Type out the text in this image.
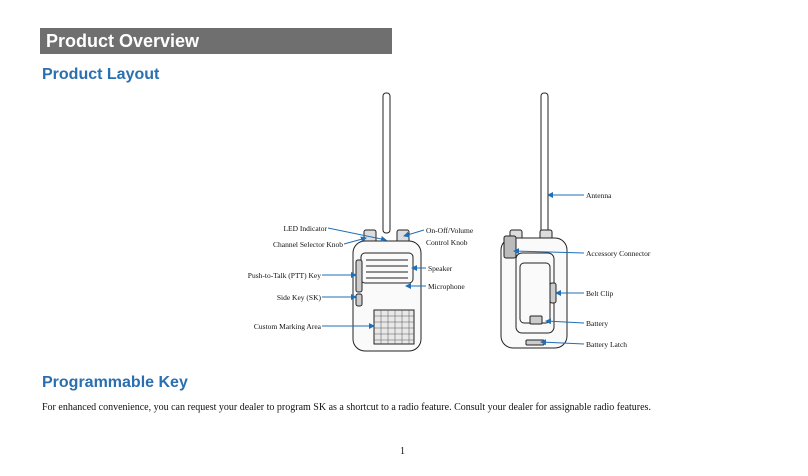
Product Overview
Product Layout
LED Indicator
Channel Selector Knob
Push-to-Talk (PTT) Key
Side Key (SK)
Custom Marking Area
On-Off/Volume
Control Knob
Speaker
Microphone
Antenna
Accessory Connector
Belt Clip
Battery
Battery Latch
Programmable Key
For enhanced convenience, you can request your dealer to program SK as a shortcut to a radio feature. Consult your dealer for assignable radio features.
1
